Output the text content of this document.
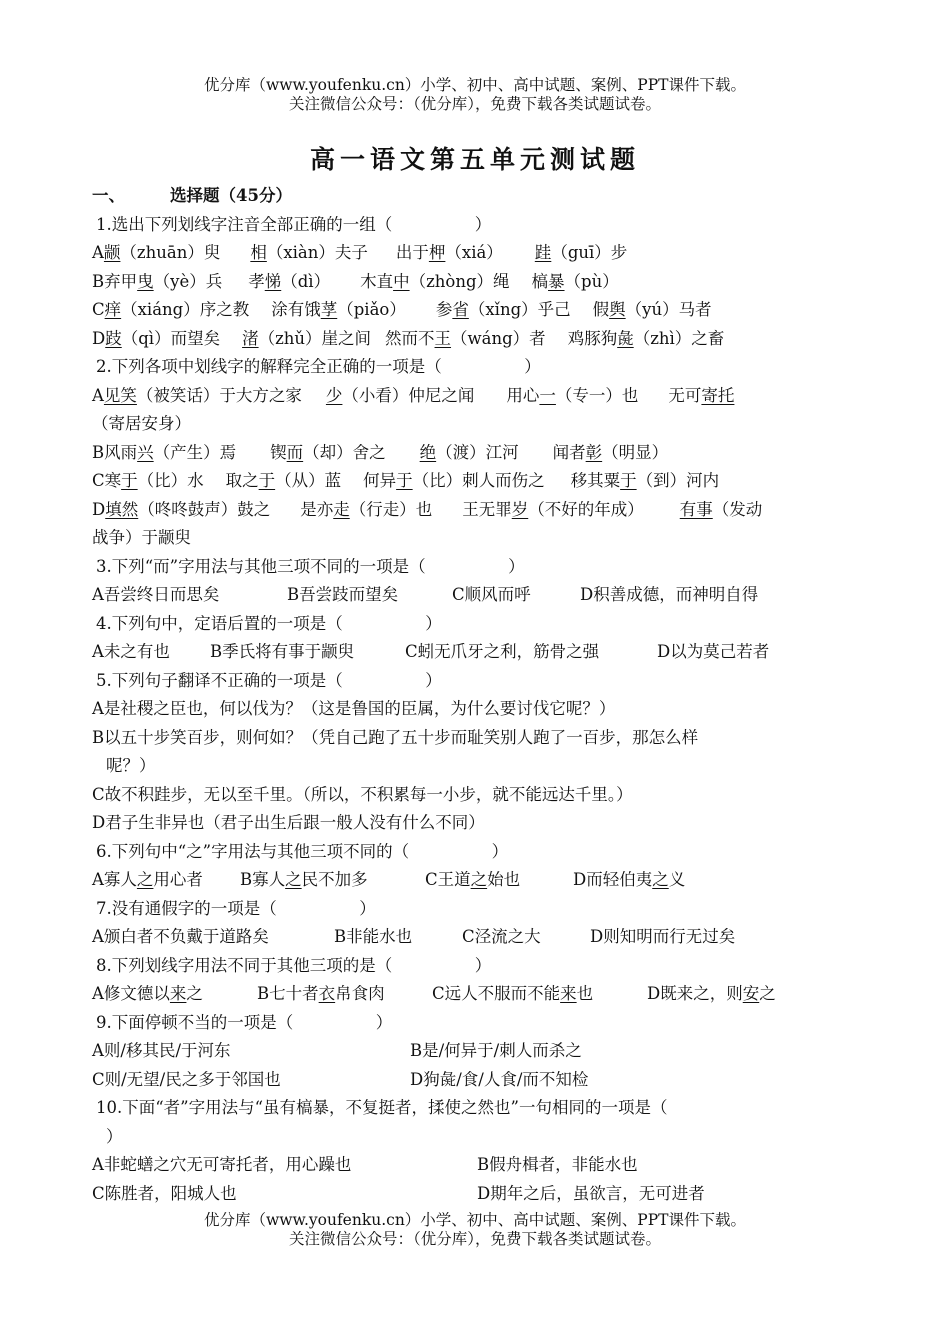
优分库（www.youfenku.cn）小学、初中、高中试题、案例、PPT课件下载。
关注微信公众号：（优分库），免费下载各类试题试卷。
高一语文第五单元测试题
一、	选择题（45分）
1.选出下列划线字注音全部正确的一组（　　　　　）
A颛（zhuān）臾 相（xiàn）夫子 出于柙（xiá） 跬（guī）步
B弃甲曳（yè）兵 孝悌（dì） 木直中（zhòng）绳 槁暴（pù）
C痒（xiáng）序之教 涂有饿莩（piǎo） 参省（xǐng）乎己 假舆（yú）马者
D跂（qì）而望矣 渚（zhǔ）崖之间 然而不王（wáng）者 鸡豚狗彘（zhì）之畜
2.下列各项中划线字的解释完全正确的一项是（　　　　　）
A见笑（被笑话）于大方之家 少（小看）仲尼之闻 用心一（专一）也 无可寄托
（寄居安身）
B风雨兴（产生）焉 锲而（却）舍之 绝（渡）江河 闻者彰（明显）
C寒于（比）水 取之于（从）蓝 何异于（比）刺人而伤之 移其粟于（到）河内
D填然（咚咚鼓声）鼓之 是亦走（行走）也 王无罪岁（不好的年成） 有事（发动
战争）于颛臾
3.下列“而”字用法与其他三项不同的一项是（　　　　　）
A吾尝终日而思矣	B吾尝跂而望矣	C顺风而呼	D积善成德，而神明自得
4.下列句中，定语后置的一项是（　　　　　）
A未之有也 B季氏将有事于颛臾	C蚓无爪牙之利，筋骨之强	D以为莫己若者
5.下列句子翻译不正确的一项是（　　　　　）
A是社稷之臣也，何以伐为？（这是鲁国的臣属，为什么要讨伐它呢？）
B以五十步笑百步，则何如？（凭自己跑了五十步而耻笑别人跑了一百步，那怎么样
呢？）
C故不积跬步，无以至千里。（所以，不积累每一小步，就不能远达千里。）
D君子生非异也（君子出生后跟一般人没有什么不同）
6.下列句中“之”字用法与其他三项不同的（　　　　　）
A寡人之用心者 B寡人之民不加多	C王道之始也	D而轻伯夷之义
7.没有通假字的一项是（　　　　　）
A颁白者不负戴于道路矣	B非能水也	C泾流之大	D则知明而行无过矣
8.下列划线字用法不同于其他三项的是（　　　　　）
A修文德以来之	B七十者衣帛食肉	C远人不服而不能来也	D既来之，则安之
9.下面停顿不当的一项是（　　　　　）
A则/移其民/于河东	B是/何异于/刺人而杀之
C则/无望/民之多于邻国也	D狗彘/食/人食/而不知检
10.下面“者”字用法与“虽有槁暴，不复挺者，揉使之然也”一句相同的一项是（
）
A非蛇蟮之穴无可寄托者，用心躁也	B假舟楫者，非能水也
C陈胜者，阳城人也	D期年之后，虽欲言，无可进者
优分库（www.youfenku.cn）小学、初中、高中试题、案例、PPT课件下载。
关注微信公众号：（优分库），免费下载各类试题试卷。
